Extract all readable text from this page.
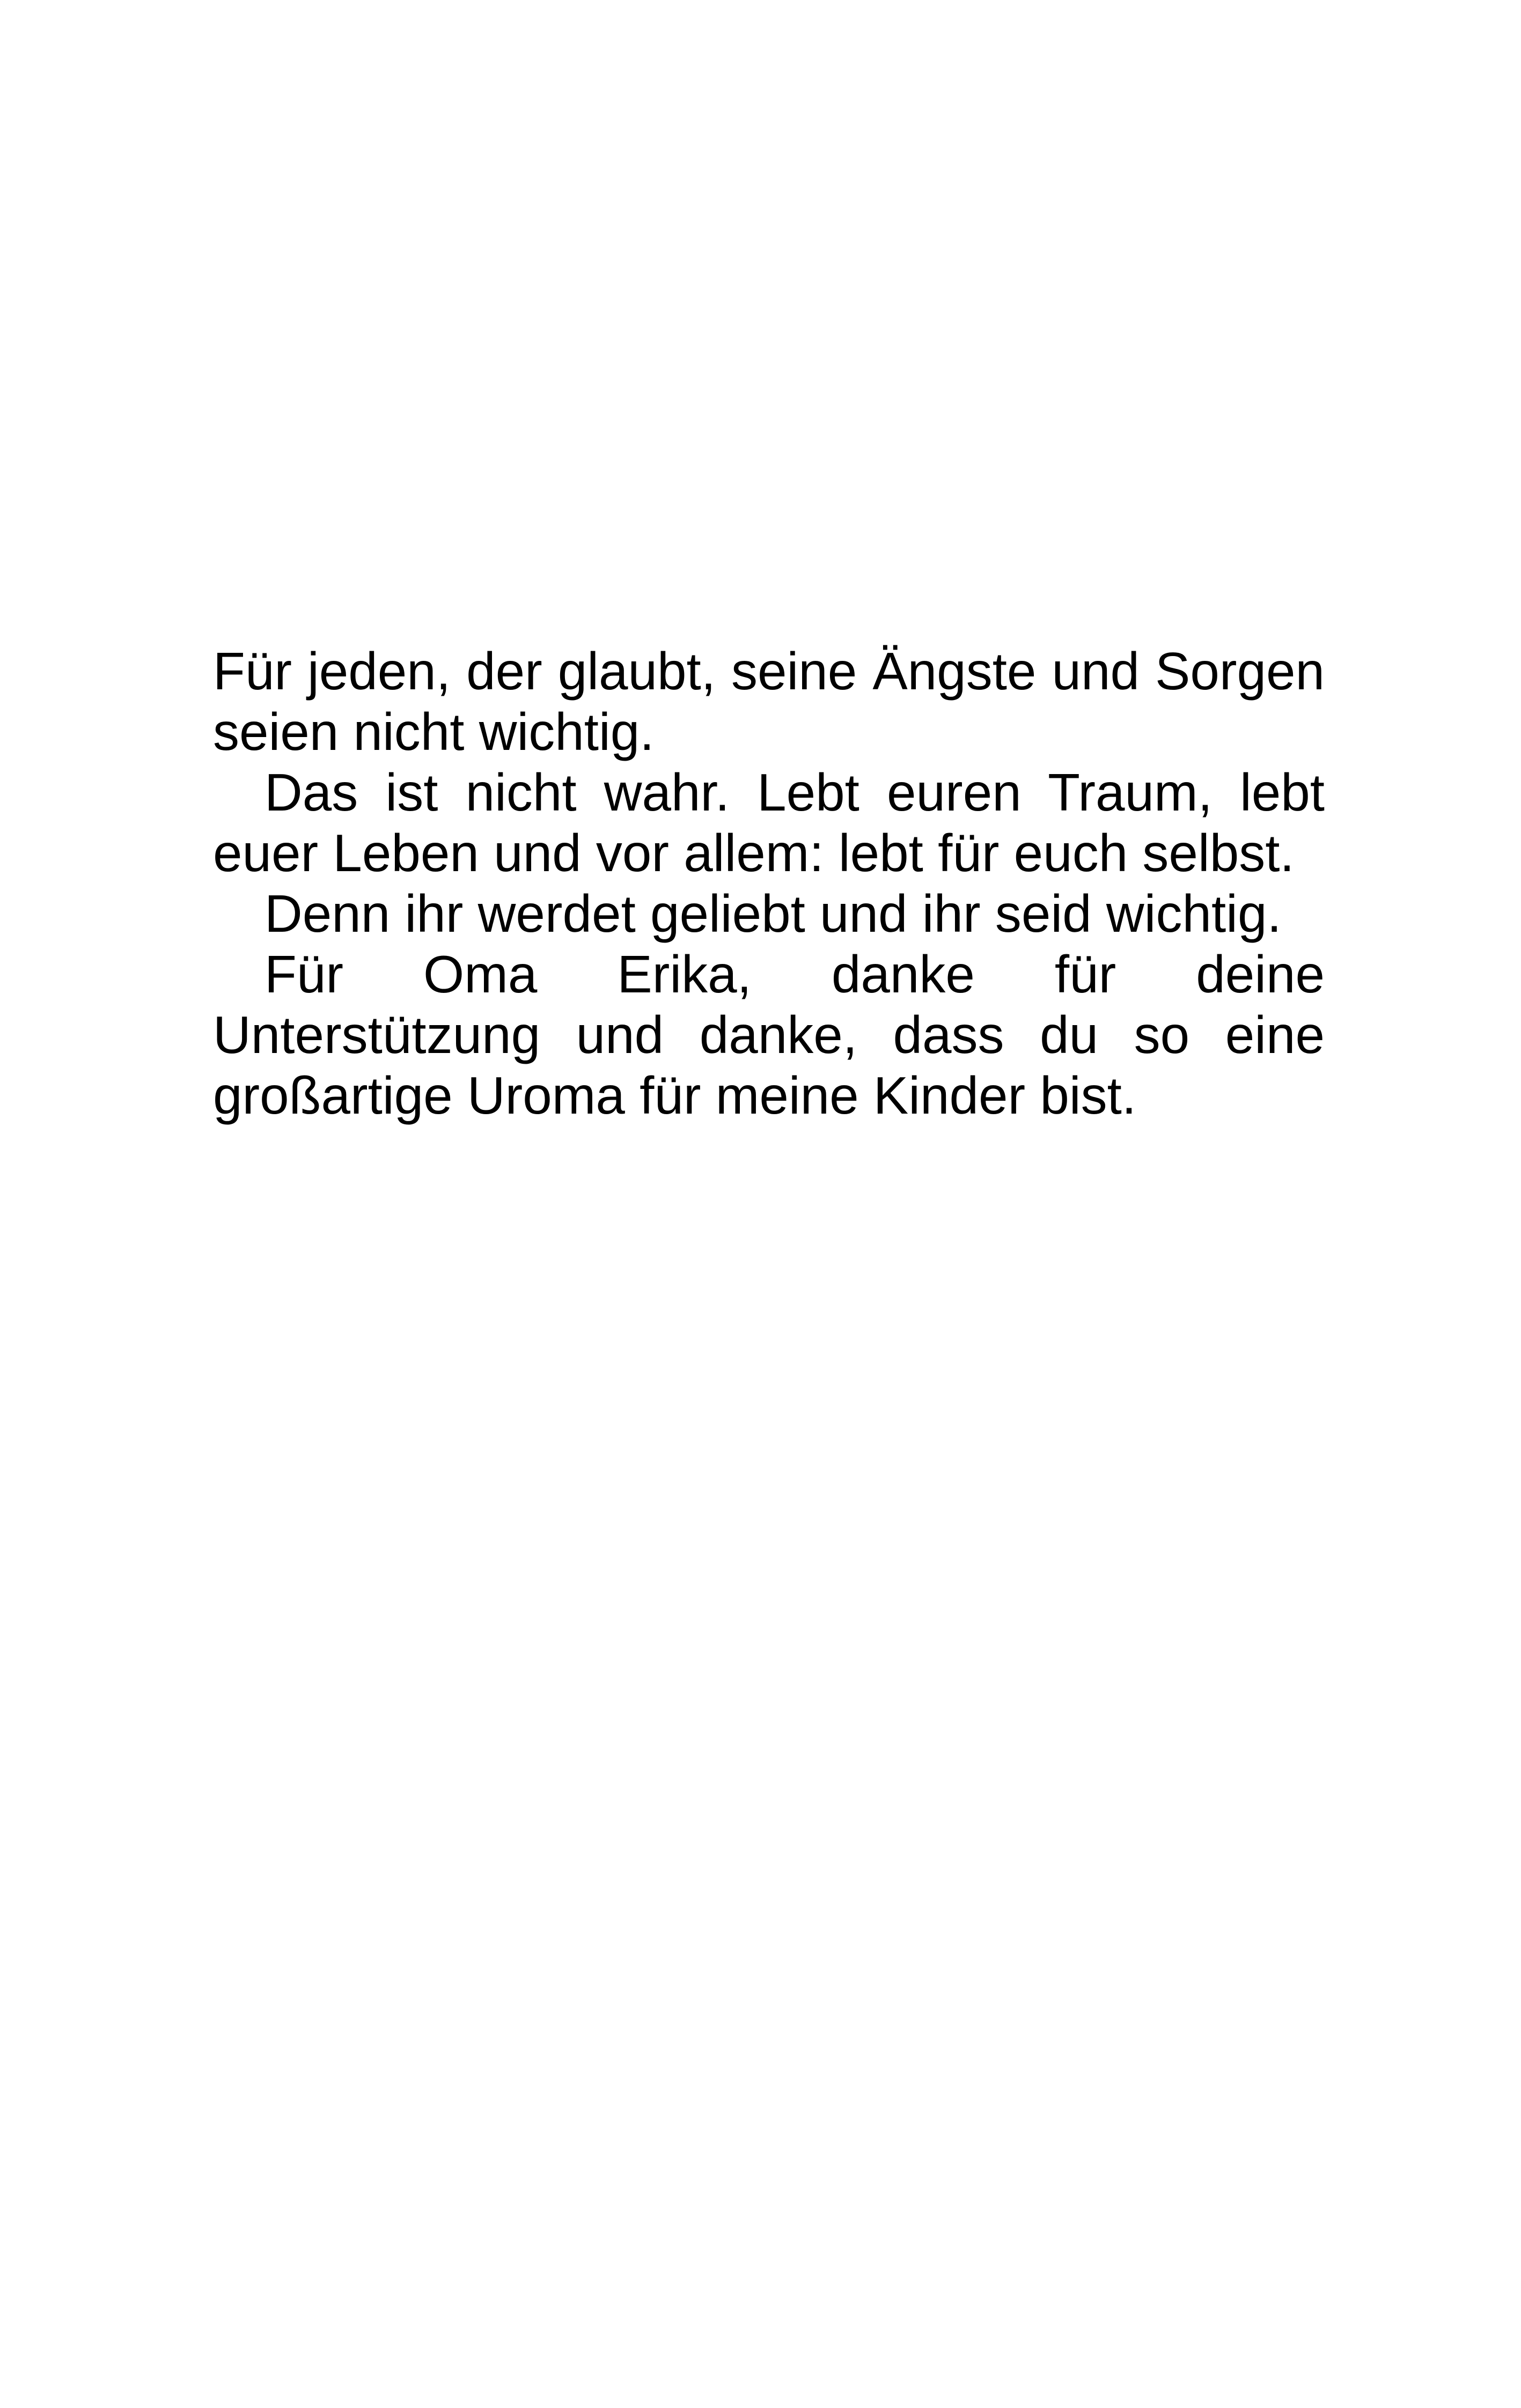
Für jeden, der glaubt, seine Ängste und Sorgen
seien nicht wichtig.
Das ist nicht wahr. Lebt euren Traum, lebt
euer Leben und vor allem: lebt für euch selbst.
Denn ihr werdet geliebt und ihr seid wichtig.
Für Oma Erika, danke für deine
Unterstützung und danke, dass du so eine
großartige Uroma für meine Kinder bist.
